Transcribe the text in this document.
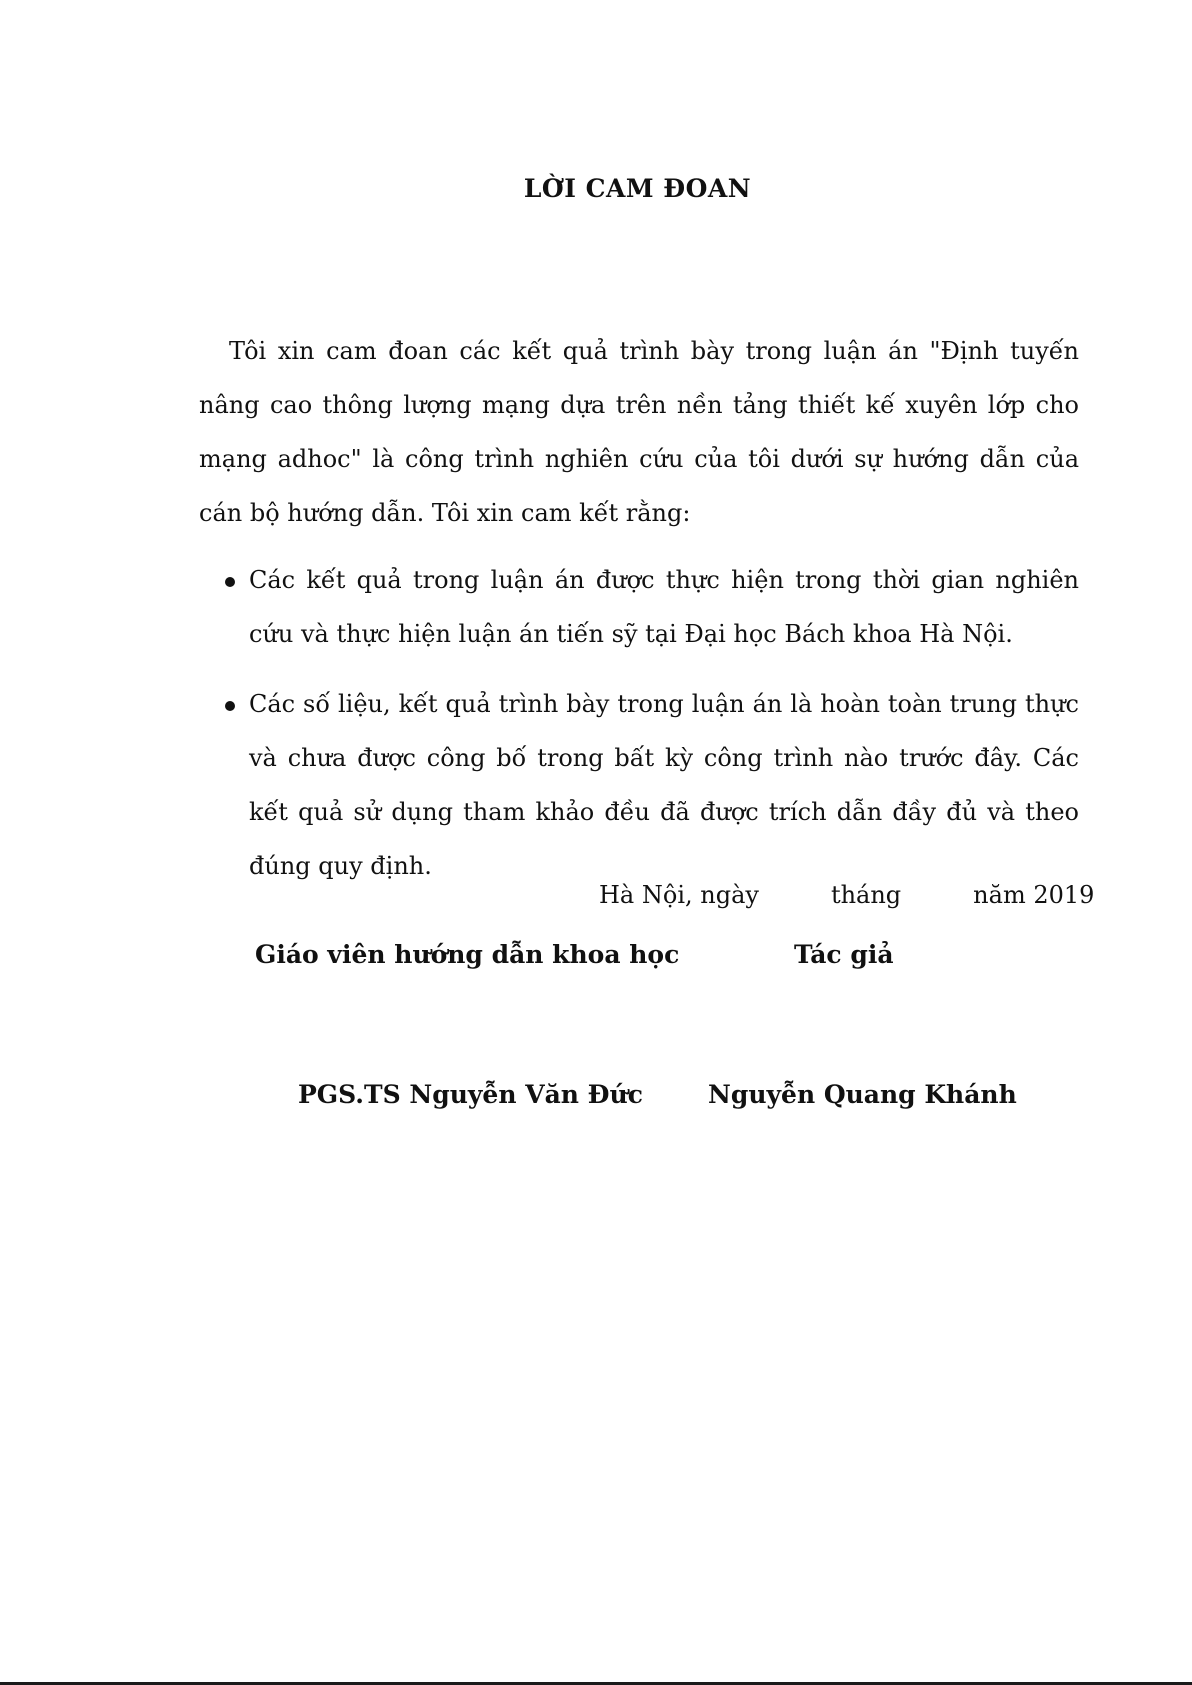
LỜI CAM ĐOAN

Tôi xin cam đoan các kết quả trình bày trong luận án "Định tuyến nâng cao thông lượng mạng dựa trên nền tảng thiết kế xuyên lớp cho mạng adhoc" là công trình nghiên cứu của tôi dưới sự hướng dẫn của cán bộ hướng dẫn. Tôi xin cam kết rằng:

Các kết quả trong luận án được thực hiện trong thời gian nghiên cứu và thực hiện luận án tiến sỹ tại Đại học Bách khoa Hà Nội.
Các số liệu, kết quả trình bày trong luận án là hoàn toàn trung thực và chưa được công bố trong bất kỳ công trình nào trước đây. Các kết quả sử dụng tham khảo đều đã được trích dẫn đầy đủ và theo đúng quy định.
Hà Nội, ngày	tháng	năm 2019
Giáo viên hướng dẫn khoa học	Tác giả
PGS.TS Nguyễn Văn Đức	Nguyễn Quang Khánh
